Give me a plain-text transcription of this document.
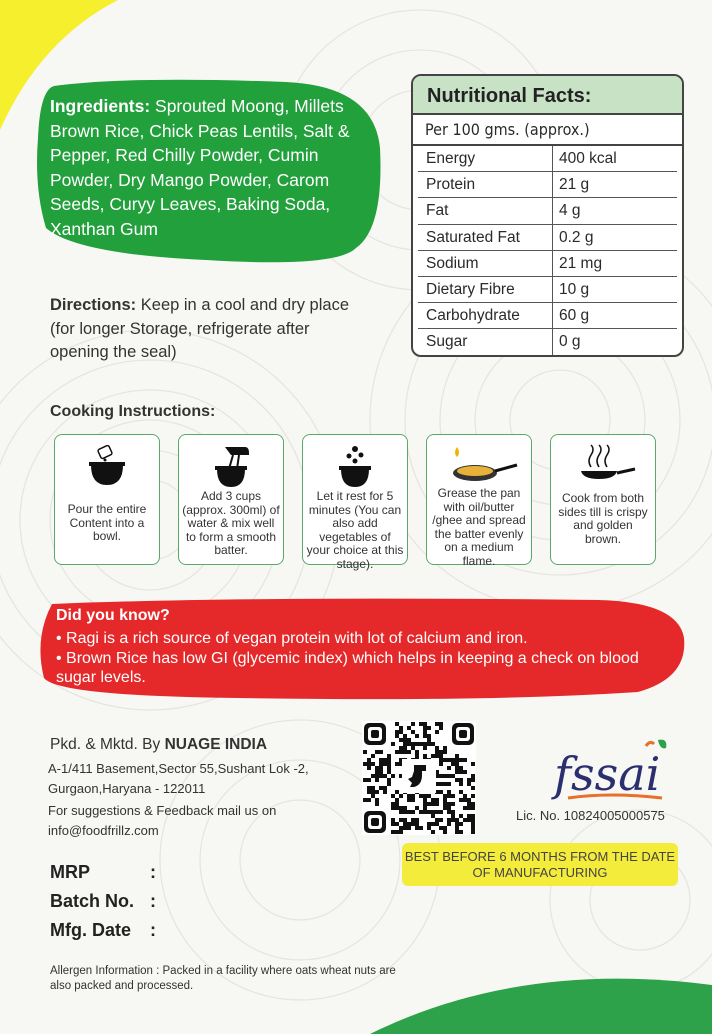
Ingredients: Sprouted Moong, Millets Brown Rice, Chick Peas Lentils, Salt & Pepper, Red Chilly Powder, Cumin Powder, Dry Mango Powder, Carom Seeds, Curyy Leaves, Baking Soda, Xanthan Gum
Nutritional Facts:
Per 100 gms. (approx.)
Energy	400 kcal
Protein	21 g
Fat	4 g
Saturated Fat	0.2 g
Sodium	21 mg
Dietary Fibre	10 g
Carbohydrate	60 g
Sugar	0 g
Directions: Keep in a cool and dry place (for longer Storage, refrigerate after opening the seal)
Cooking Instructions:
Pour the entire Content into a bowl.
Add 3 cups (approx. 300ml) of water & mix well to form a smooth batter.
Let it rest for 5 minutes (You can also add vegetables of your choice at this stage).
Grease the pan with oil/butter /ghee and spread the batter evenly on a medium flame.
Cook from both sides till is crispy and golden brown.
Did you know?
• Ragi is a rich source of vegan protein with lot of calcium and iron.
• Brown Rice has low GI (glycemic index) which helps in keeping a check on blood sugar levels.
Pkd. & Mktd. By NUAGE INDIA
A-1/411 Basement,Sector 55,Sushant Lok -2,
Gurgaon,Haryana - 122011
For suggestions & Feedback mail us on
info@foodfrillz.com
MRP	:
Batch No. :
Mfg. Date :
Allergen Information : Packed in a facility where oats wheat nuts are also packed and processed.
fssai
Lic. No. 10824005000575
BEST BEFORE 6 MONTHS FROM THE DATE OF MANUFACTURING
